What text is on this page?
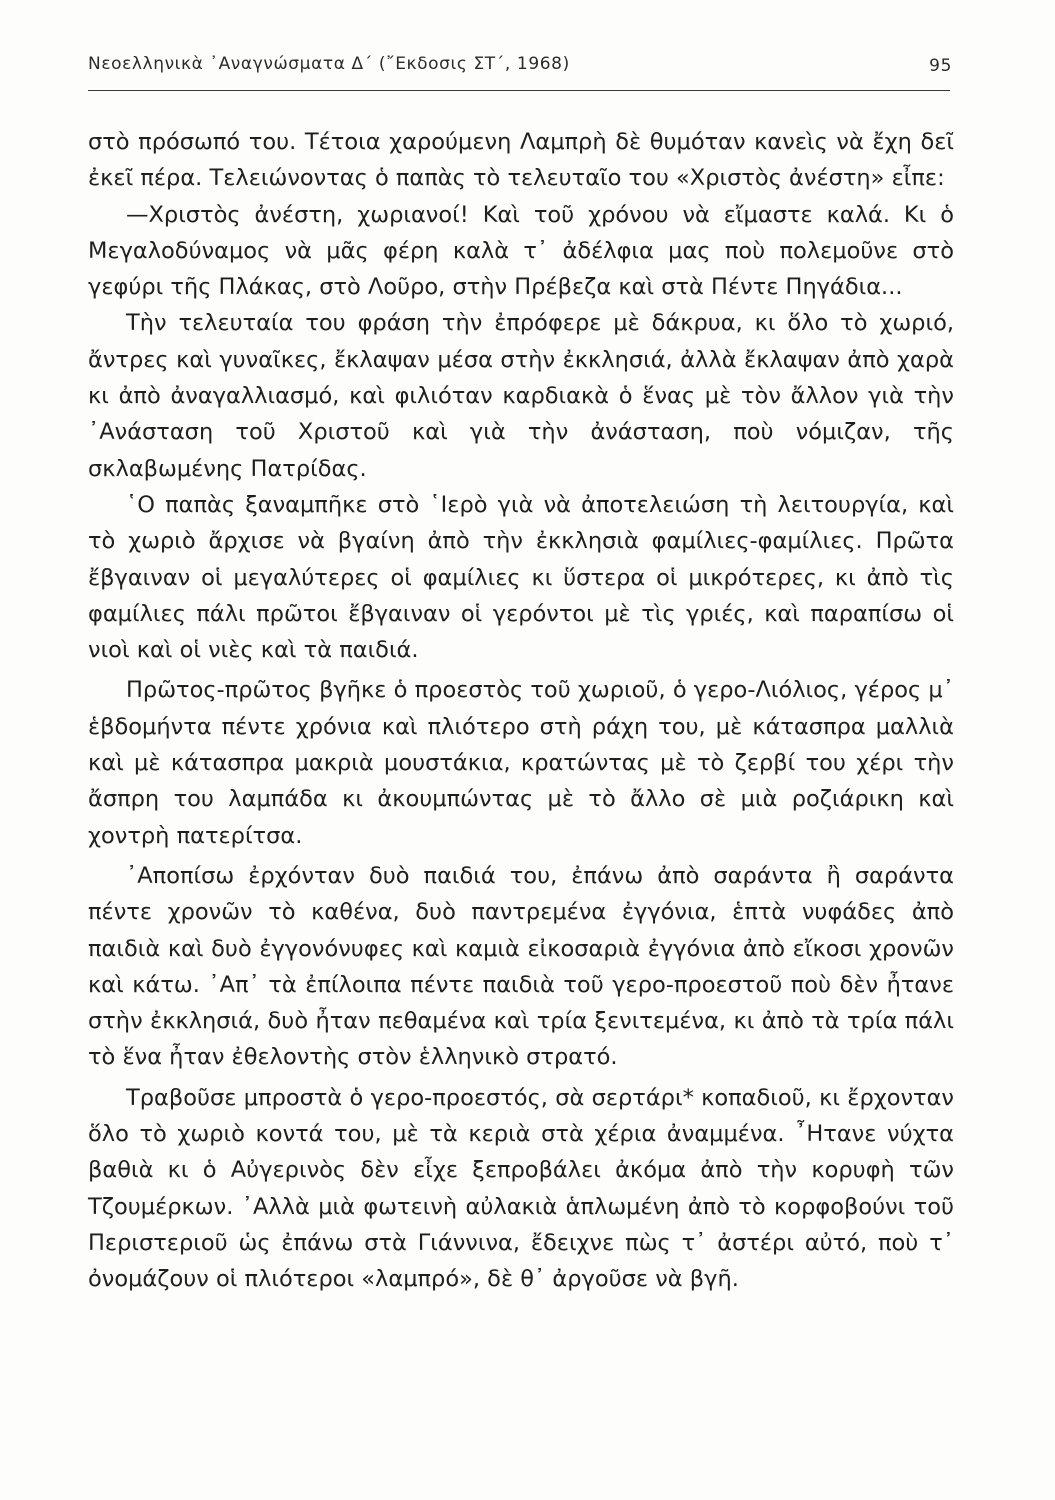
Νεοελληνικὰ ᾿Αναγνώσματα Δ΄ (῎Εκδοσις ΣΤ΄, 1968)	95

στὸ πρόσωπό του. Τέτοια χαρούμενη Λαμπρὴ δὲ θυμόταν κανεὶς νὰ ἔχη δεῖ ἐκεῖ πέρα. Τελειώνοντας ὁ παπὰς τὸ τελευταῖο του «Χριστὸς ἀνέστη» εἶπε:

—Χριστὸς ἀνέστη, χωριανοί! Καὶ τοῦ χρόνου νὰ εἴμαστε καλά. Κι ὁ Μεγαλοδύναμος νὰ μᾶς φέρη καλὰ τ᾿ ἀδέλφια μας ποὺ πολεμοῦνε στὸ γεφύρι τῆς Πλάκας, στὸ Λοῦρο, στὴν Πρέβεζα καὶ στὰ Πέντε Πηγάδια...

Τὴν τελευταία του φράση τὴν ἐπρόφερε μὲ δάκρυα, κι ὅλο τὸ χωριό, ἄντρες καὶ γυναῖκες, ἔκλαψαν μέσα στὴν ἐκκλησιά, ἀλλὰ ἔκλαψαν ἀπὸ χαρὰ κι ἀπὸ ἀναγαλλιασμό, καὶ φιλιόταν καρδιακὰ ὁ ἕνας μὲ τὸν ἄλλον γιὰ τὴν ᾿Ανάσταση τοῦ Χριστοῦ καὶ γιὰ τὴν ἀνάσταση, ποὺ νόμιζαν, τῆς σκλαβωμένης Πατρίδας.

῾Ο παπὰς ξαναμπῆκε στὸ ῾Ιερὸ γιὰ νὰ ἀποτελειώση τὴ λειτουργία, καὶ τὸ χωριὸ ἄρχισε νὰ βγαίνη ἀπὸ τὴν ἐκκλησιὰ φαμίλιες-φαμίλιες. Πρῶτα ἔβγαιναν οἱ μεγαλύτερες οἱ φαμίλιες κι ὕστερα οἱ μικρότερες, κι ἀπὸ τὶς φαμίλιες πάλι πρῶτοι ἔβγαιναν οἱ γερόντοι μὲ τὶς γριές, καὶ παραπίσω οἱ νιοὶ καὶ οἱ νιὲς καὶ τὰ παιδιά.

Πρῶτος-πρῶτος βγῆκε ὁ προεστὸς τοῦ χωριοῦ, ὁ γερο-Λιόλιος, γέρος μ᾿ ἑβδομήντα πέντε χρόνια καὶ πλιότερο στὴ ράχη του, μὲ κάτασπρα μαλλιὰ καὶ μὲ κάτασπρα μακριὰ μουστάκια, κρατώντας μὲ τὸ ζερβί του χέρι τὴν ἄσπρη του λαμπάδα κι ἀκουμπώντας μὲ τὸ ἄλλο σὲ μιὰ ροζιάρικη καὶ χοντρὴ πατερίτσα.

᾿Αποπίσω ἐρχόνταν δυὸ παιδιά του, ἐπάνω ἀπὸ σαράντα ἢ σαράντα πέντε χρονῶν τὸ καθένα, δυὸ παντρεμένα ἐγγόνια, ἑπτὰ νυφάδες ἀπὸ παιδιὰ καὶ δυὸ ἐγγονόνυφες καὶ καμιὰ εἰκοσαριὰ ἐγγόνια ἀπὸ εἴκοσι χρονῶν καὶ κάτω. ᾿Απ᾿ τὰ ἐπίλοιπα πέντε παιδιὰ τοῦ γερο-προεστοῦ ποὺ δὲν ἦτανε στὴν ἐκκλησιά, δυὸ ἦταν πεθαμένα καὶ τρία ξενιτεμένα, κι ἀπὸ τὰ τρία πάλι τὸ ἕνα ἦταν ἐθελοντὴς στὸν ἑλληνικὸ στρατό.

Τραβοῦσε μπροστὰ ὁ γερο-προεστός, σὰ σερτάρι* κοπαδιοῦ, κι ἔρχονταν ὅλο τὸ χωριὸ κοντά του, μὲ τὰ κεριὰ στὰ χέρια ἀναμμένα. ῏Ητανε νύχτα βαθιὰ κι ὁ Αὐγερινὸς δὲν εἶχε ξεπροβάλει ἀκόμα ἀπὸ τὴν κορυφὴ τῶν Τζουμέρκων. ᾿Αλλὰ μιὰ φωτεινὴ αὐλακιὰ ἁπλωμένη ἀπὸ τὸ κορφοβούνι τοῦ Περιστεριοῦ ὡς ἐπάνω στὰ Γιάννινα, ἔδειχνε πὼς τ᾿ ἀστέρι αὐτό, ποὺ τ᾿ ὀνομάζουν οἱ πλιότεροι «λαμπρό», δὲ θ᾿ ἀργοῦσε νὰ βγῆ.
